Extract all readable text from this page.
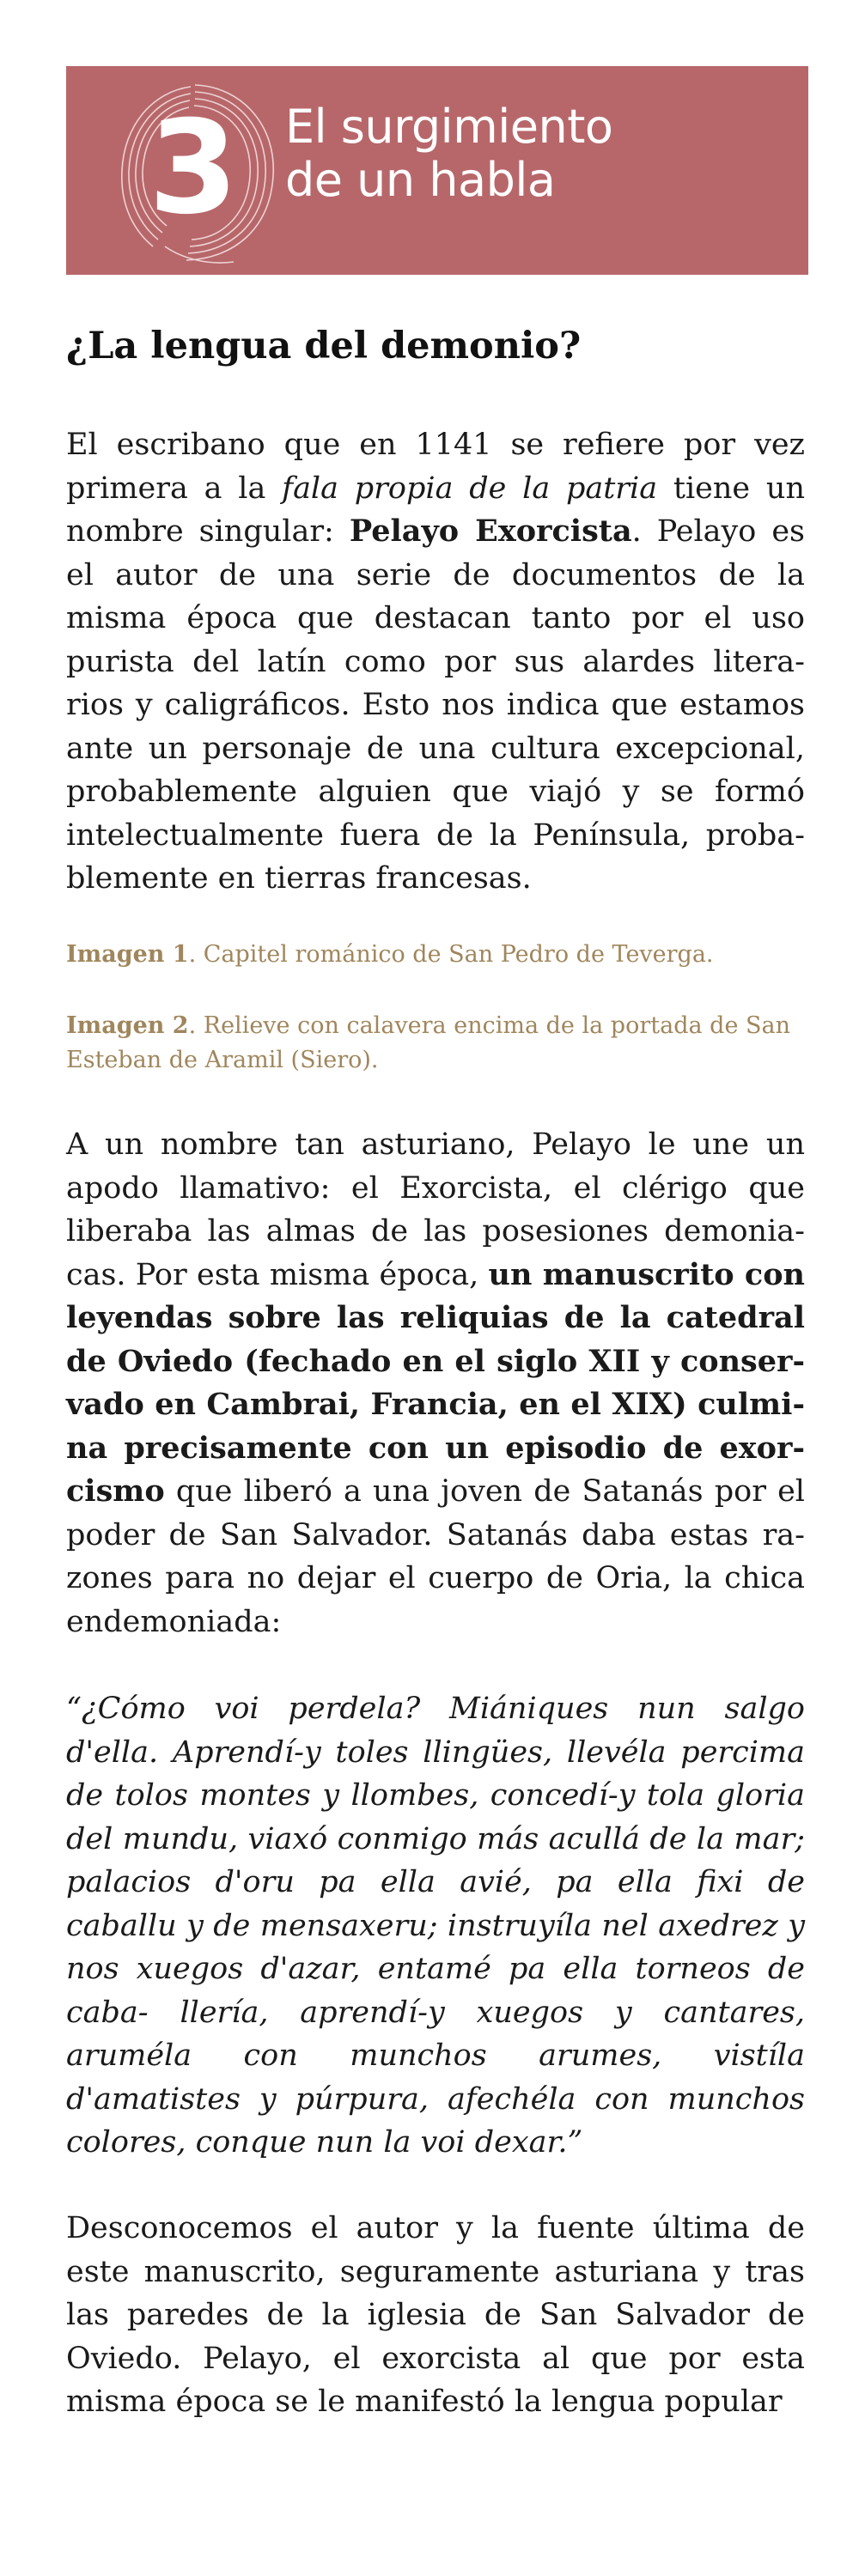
3 El surgimiento
de un habla
¿La lengua del demonio?
El escribano que en 1141 se refiere por vez primera a la fala propia de la patria tiene un nombre singular: Pelayo Exorcista. Pelayo es el autor de una serie de documentos de la misma época que destacan tanto por el uso purista del latín como por sus alardes litera- rios y caligráficos. Esto nos indica que estamos ante un personaje de una cultura excepcional, probablemente alguien que viajó y se formó intelectualmente fuera de la Península, proba- blemente en tierras francesas.
Imagen 1. Capitel románico de San Pedro de Teverga.
Imagen 2. Relieve con calavera encima de la portada de San Esteban de Aramil (Siero).
A un nombre tan asturiano, Pelayo le une un apodo llamativo: el Exorcista, el clérigo que liberaba las almas de las posesiones demonia- cas. Por esta misma época, un manuscrito con leyendas sobre las reliquias de la catedral de Oviedo (fechado en el siglo XII y conser- vado en Cambrai, Francia, en el XIX) culmi- na precisamente con un episodio de exor- cismo que liberó a una joven de Satanás por el poder de San Salvador. Satanás daba estas ra- zones para no dejar el cuerpo de Oria, la chica endemoniada:
“¿Cómo voi perdela? Miániques nun salgo d'ella. Aprendí-y toles llingües, llevéla percima de tolos montes y llombes, concedí-y tola gloria del mundu, viaxó conmigo más acullá de la mar; palacios d'oru pa ella avié, pa ella fixi de caballu y de mensaxeru; instruyíla nel axedrez y nos xuegos d'azar, entamé pa ella torneos de caba- llería, aprendí-y xuegos y cantares, aruméla con munchos arumes, vistíla d'amatistes y púrpura, afechéla con munchos colores, conque nun la voi dexar.”
Desconocemos el autor y la fuente última de este manuscrito, seguramente asturiana y tras las paredes de la iglesia de San Salvador de Oviedo. Pelayo, el exorcista al que por esta misma época se le manifestó la lengua popular
